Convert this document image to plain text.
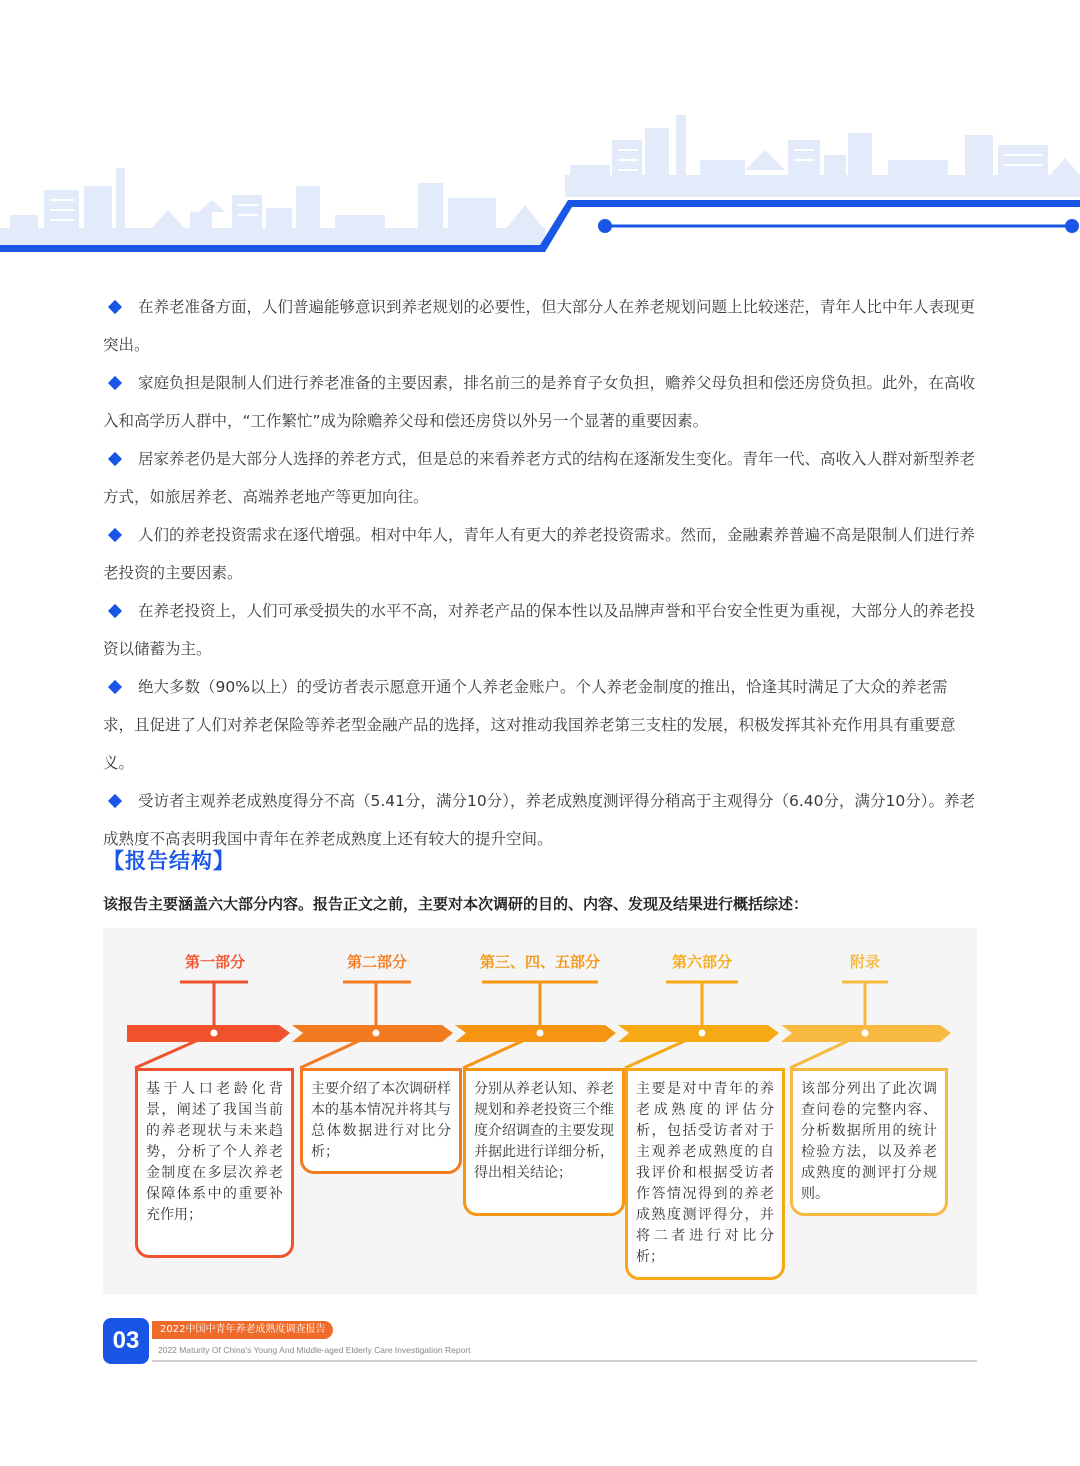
在养老准备方面，人们普遍能够意识到养老规划的必要性，但大部分人在养老规划问题上比较迷茫，青年人比中年人表现更突出。

家庭负担是限制人们进行养老准备的主要因素，排名前三的是养育子女负担，赡养父母负担和偿还房贷负担。此外，在高收入和高学历人群中，“工作繁忙”成为除赡养父母和偿还房贷以外另一个显著的重要因素。

居家养老仍是大部分人选择的养老方式，但是总的来看养老方式的结构在逐渐发生变化。青年一代、高收入人群对新型养老方式，如旅居养老、高端养老地产等更加向往。

人们的养老投资需求在逐代增强。相对中年人，青年人有更大的养老投资需求。然而，金融素养普遍不高是限制人们进行养老投资的主要因素。

在养老投资上，人们可承受损失的水平不高，对养老产品的保本性以及品牌声誉和平台安全性更为重视，大部分人的养老投资以储蓄为主。

绝大多数（90%以上）的受访者表示愿意开通个人养老金账户。个人养老金制度的推出，恰逢其时满足了大众的养老需求，且促进了人们对养老保险等养老型金融产品的选择，这对推动我国养老第三支柱的发展，积极发挥其补充作用具有重要意义。

受访者主观养老成熟度得分不高（5.41分，满分10分），养老成熟度测评得分稍高于主观得分（6.40分，满分10分）。养老成熟度不高表明我国中青年在养老成熟度上还有较大的提升空间。

【报告结构】
该报告主要涵盖六大部分内容。报告正文之前，主要对本次调研的目的、内容、发现及结果进行概括综述：
第一部分	第二部分	第三、四、五部分	第六部分	附录
基于人口老龄化背景，阐述了我国当前的养老现状与未来趋势，分析了个人养老金制度在多层次养老保障体系中的重要补充作用；
主要介绍了本次调研样本的基本情况并将其与总体数据进行对比分析；
分别从养老认知、养老规划和养老投资三个维度介绍调查的主要发现并据此进行详细分析，得出相关结论；
主要是对中青年的养老成熟度的评估分析，包括受访者对于主观养老成熟度的自我评价和根据受访者作答情况得到的养老成熟度测评得分，并将二者进行对比分析；
该部分列出了此次调查问卷的完整内容、分析数据所用的统计检验方法，以及养老成熟度的测评打分规则。
03	2022中国中青年养老成熟度调查报告
2022 Maturity Of China's Young And Middle-aged Elderly Care Investigation Report
